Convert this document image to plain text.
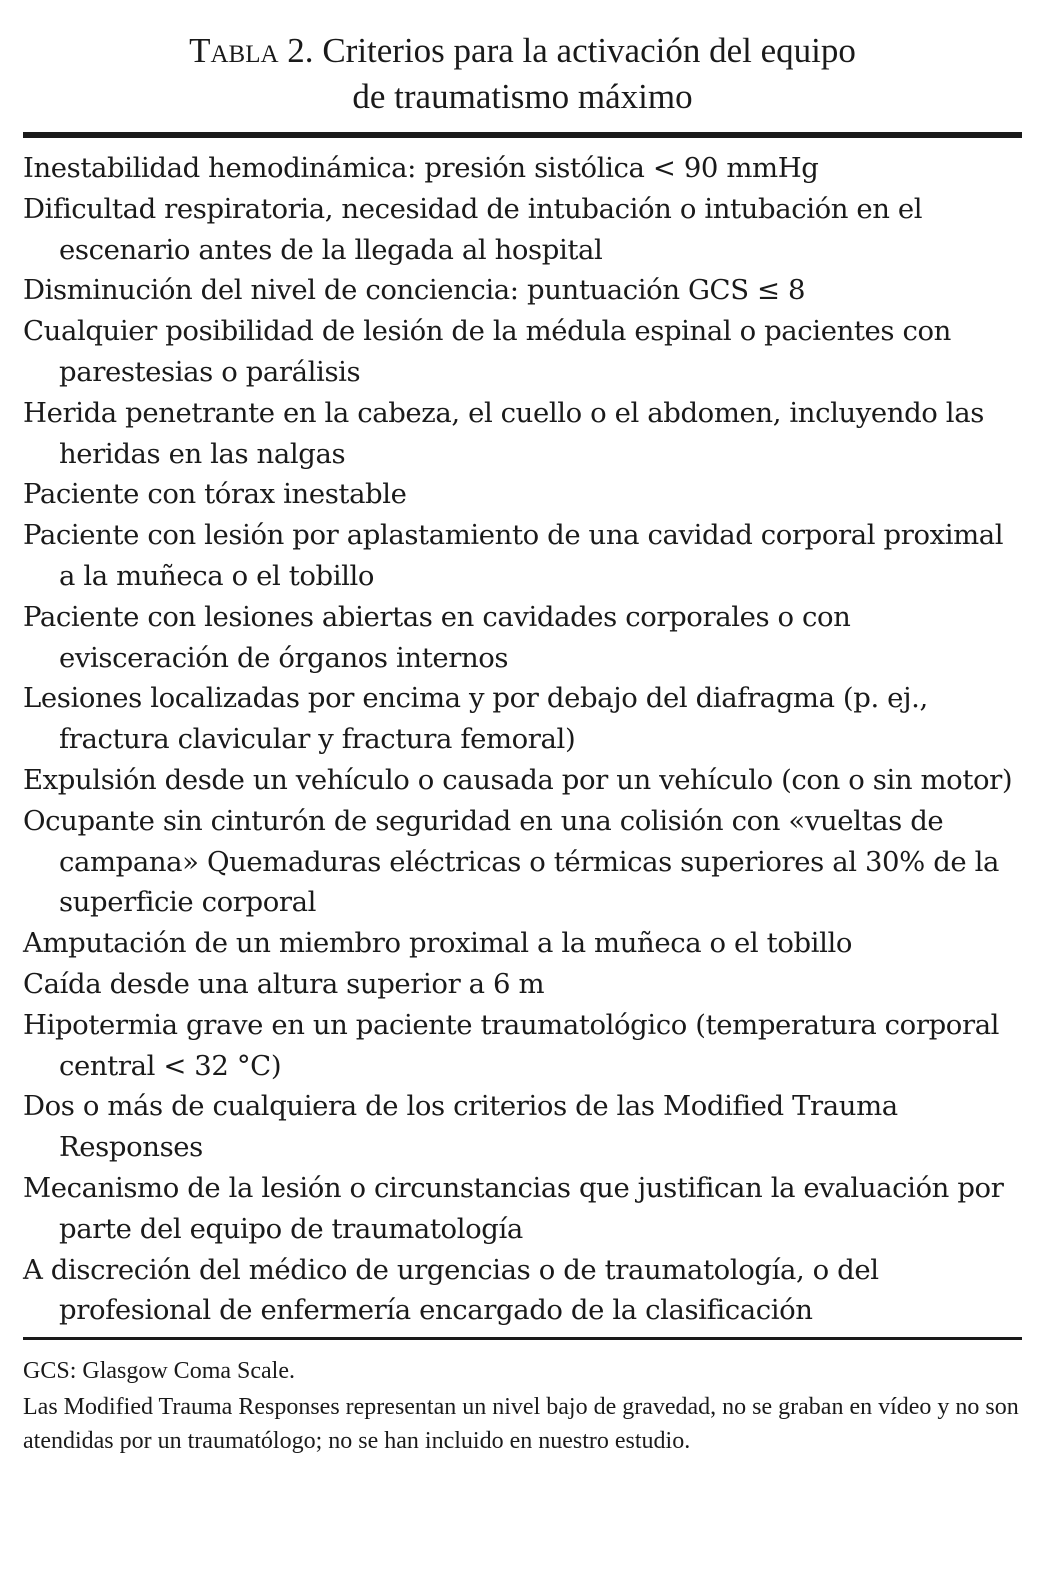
Tabla 2. Criterios para la activación del equipo
de traumatismo máximo
Inestabilidad hemodinámica: presión sistólica < 90 mmHg
Dificultad respiratoria, necesidad de intubación o intubación en el escenario antes de la llegada al hospital
Disminución del nivel de conciencia: puntuación GCS ≤ 8
Cualquier posibilidad de lesión de la médula espinal o pacientes con parestesias o parálisis
Herida penetrante en la cabeza, el cuello o el abdomen, incluyendo las heridas en las nalgas
Paciente con tórax inestable
Paciente con lesión por aplastamiento de una cavidad corporal proximal a la muñeca o el tobillo
Paciente con lesiones abiertas en cavidades corporales o con evisceración de órganos internos
Lesiones localizadas por encima y por debajo del diafragma (p. ej., fractura clavicular y fractura femoral)
Expulsión desde un vehículo o causada por un vehículo (con o sin motor)
Ocupante sin cinturón de seguridad en una colisión con «vueltas de campana» Quemaduras eléctricas o térmicas superiores al 30% de la superficie corporal
Amputación de un miembro proximal a la muñeca o el tobillo
Caída desde una altura superior a 6 m
Hipotermia grave en un paciente traumatológico (temperatura corporal central < 32 °C)
Dos o más de cualquiera de los criterios de las Modified Trauma Responses
Mecanismo de la lesión o circunstancias que justifican la evaluación por parte del equipo de traumatología
A discreción del médico de urgencias o de traumatología, o del profesional de enfermería encargado de la clasificación

GCS: Glasgow Coma Scale.

Las Modified Trauma Responses representan un nivel bajo de gravedad, no se graban en vídeo y no son atendidas por un traumatólogo; no se han incluido en nuestro estudio.
